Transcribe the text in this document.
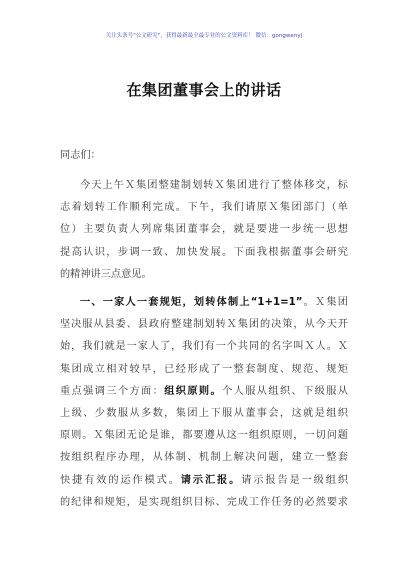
关注头条号"公文研究"，获得最新最全最专业的公文资料库！ 微信：gongwenyj
在集团董事会上的讲话
同志们：
今天上午Ｘ集团整建制划转Ｘ集团进行了整体移交，标
志着划转工作顺利完成。下午，我们请原Ｘ集团部门（单
位）主要负责人列席集团董事会，就是要进一步统一思想
提高认识，步调一致、加快发展。下面我根据董事会研究
的精神讲三点意见。
一、一家人一套规矩，划转体制上“1+1=1”。Ｘ集团
坚决服从县委、县政府整建制划转Ｘ集团的决策，从今天开
始，我们就是一家人了，我们有一个共同的名字叫Ｘ人。Ｘ
集团成立相对较早，已经形成了一整套制度、规范、规矩
重点强调三个方面：组织原则。个人服从组织、下级服从
上级、少数服从多数，集团上下服从董事会，这就是组织
原则。Ｘ集团无论是谁，都要遵从这一组织原则，一切问题
按组织程序办理，从体制、机制上解决问题，建立一整套
快捷有效的运作模式。请示汇报。请示报告是一级组织
的纪律和规矩，是实现组织目标、完成工作任务的必然要求
